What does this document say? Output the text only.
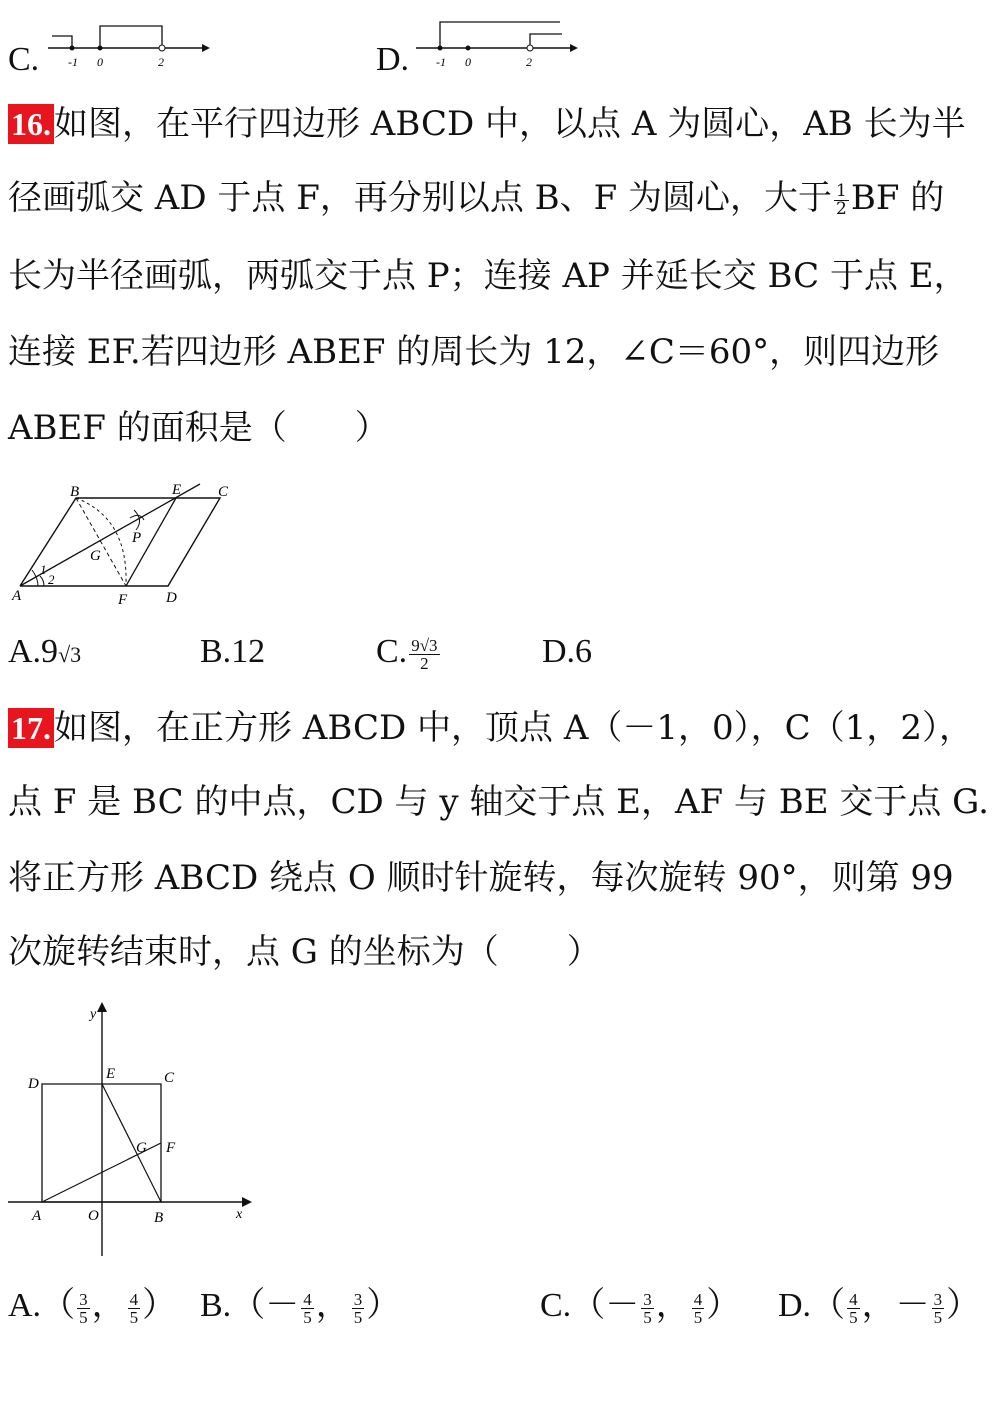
C. -1 0	2	D. -1 0	2
16.如图，在平行四边形 ABCD 中，以点 A 为圆心，AB 长为半
径画弧交 AD 于点 F，再分别以点 B、F 为圆心，大于 $\frac{1}{2}$ BF 的
长为半径画弧，两弧交于点 P；连接 AP 并延长交 BC 于点 E，
连接 EF.若四边形 ABEF 的周长为 12，∠C＝60°，则四边形
ABEF 的面积是（　　）
B	E C
P
G
1
2
A	F	D
A.9√3	B.12	C. $\frac{9√3}{2}$	D.6
17.如图，在正方形 ABCD 中，顶点 A（－1，0），C（1，2），
点 F 是 BC 的中点，CD 与 y 轴交于点 E，AF 与 BE 交于点 G.
将正方形 ABCD 绕点 O 顺时针旋转，每次旋转 90°，则第 99
次旋转结束时，点 G 的坐标为（　　）
y
D
E	C
G F
A	O	B	x
$A.( \frac{3}{5}$ ， $\frac{4}{5}$ ） $B.(- \frac{4}{5}$ ， $\frac{3}{5}$ ）	$C.(- \frac{3}{5}$ ， $\frac{4}{5}$ ） $D.( \frac{4}{5}$ ，－ $\frac{3}{5}$ ）
